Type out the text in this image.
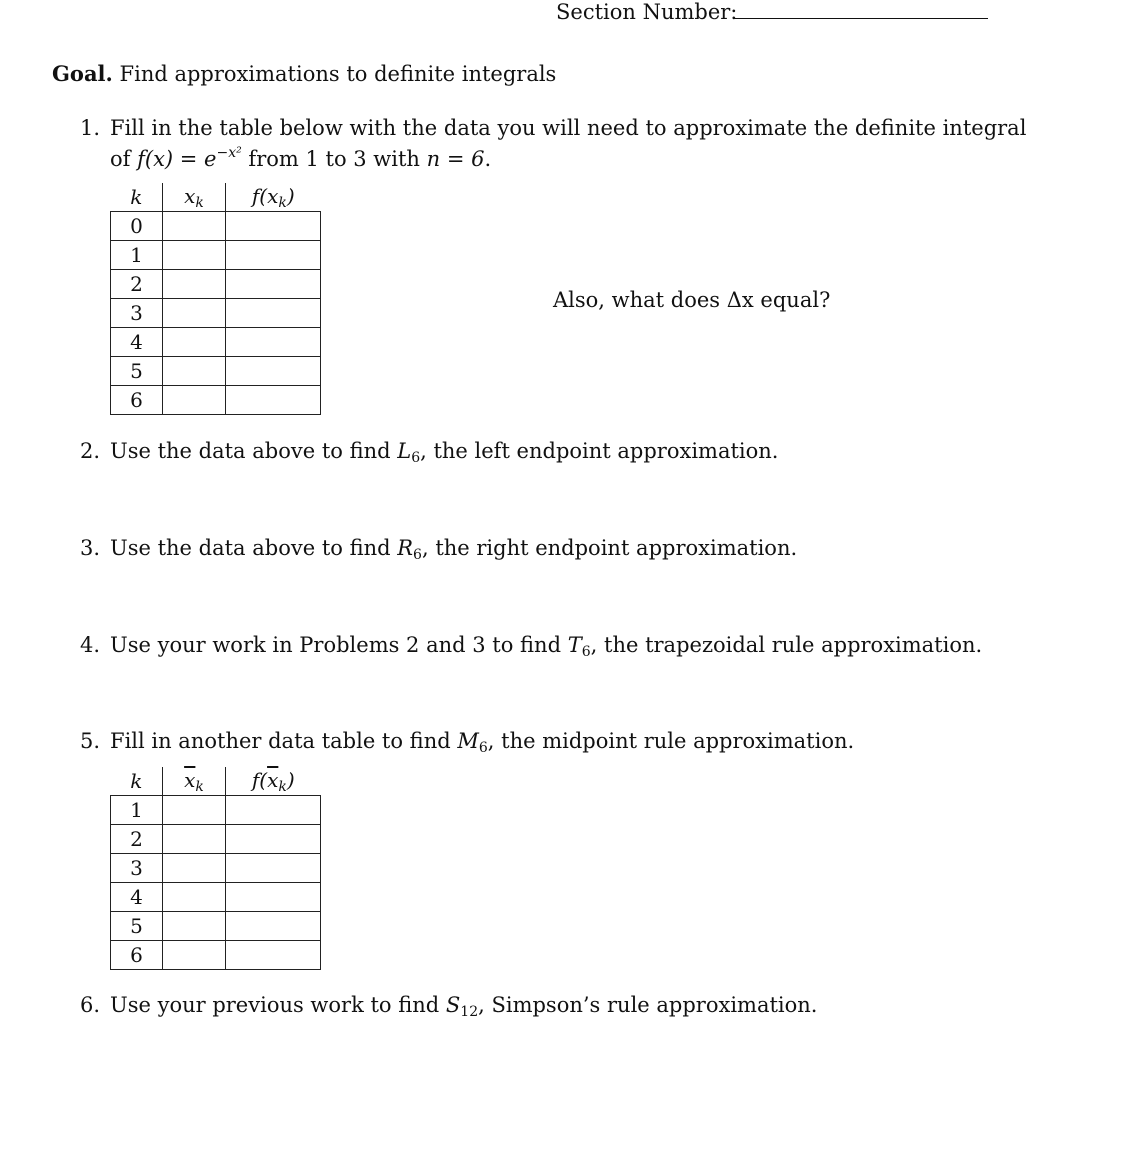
Section Number:
Goal. Find approximations to definite integrals
1. Fill in the table below with the data you will need to approximate the definite integral
of $f(x) = e^{-x^2}$ from 1 to 3 with n = 6.
k	$x_k$	$f(x_k)$
0		
1		
2		
3		
4		
5		
6		
Also, what does Δx equal?
2. Use the data above to find $L_6$, the left endpoint approximation.
3. Use the data above to find $R_6$, the right endpoint approximation.
4. Use your work in Problems 2 and 3 to find $T_6$, the trapezoidal rule approximation.
5. Fill in another data table to find $M_6$, the midpoint rule approximation.
k	$\overline{x}_k$	$f(\overline{x}_k)$
1		
2		
3		
4		
5		
6		
6. Use your previous work to find $S_{12}$, Simpson’s rule approximation.
